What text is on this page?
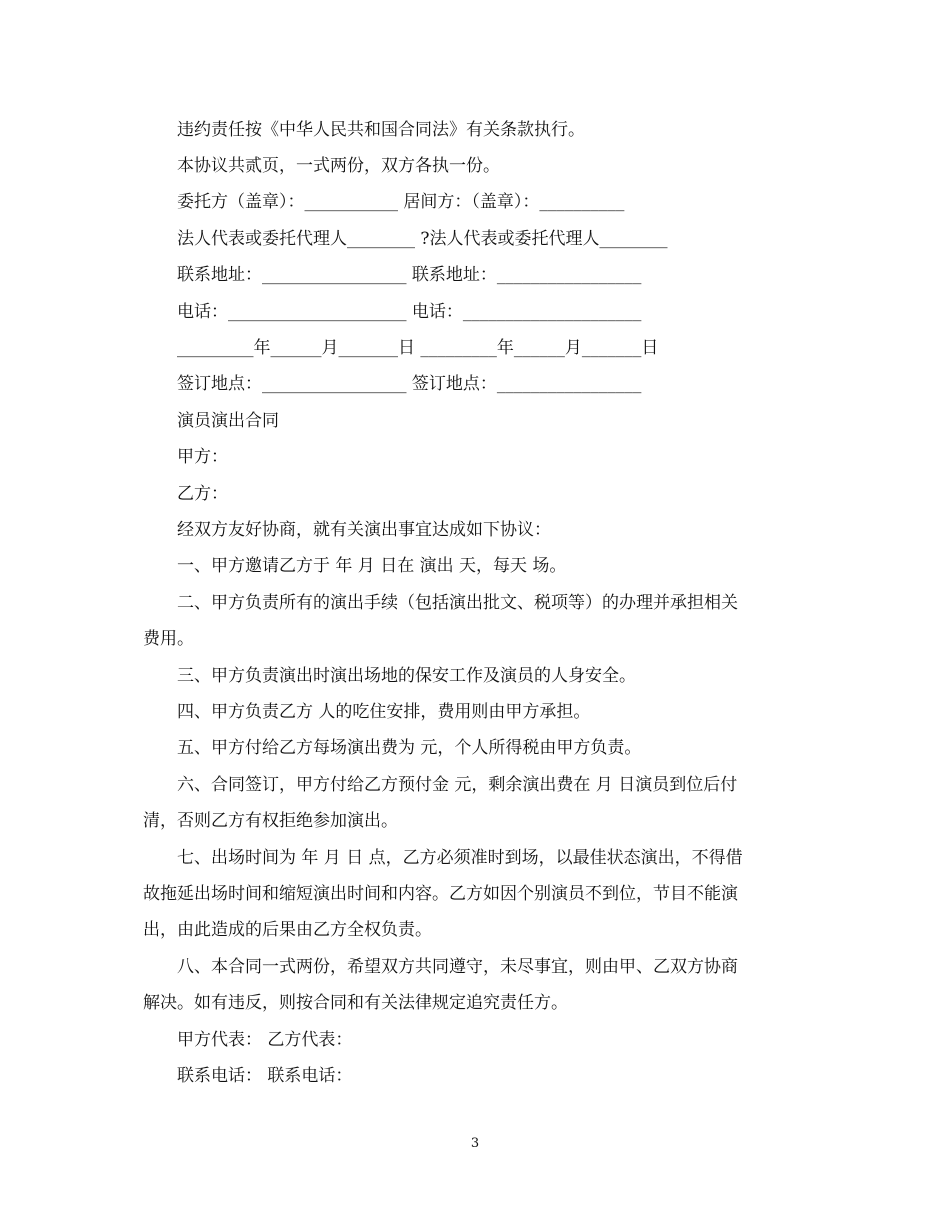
违约责任按《中华人民共和国合同法》有关条款执行。
本协议共贰页，一式两份，双方各执一份。
委托方（盖章）：___________ 居间方：（盖章）：__________
法人代表或委托代理人________ ?法人代表或委托代理人________
联系地址：_________________ 联系地址：_________________
电话：_____________________ 电话：_____________________
_________年______月_______日 _________年______月_______日
签订地点：_________________ 签订地点：_________________
演员演出合同
甲方：
乙方：
经双方友好协商，就有关演出事宜达成如下协议：
一、甲方邀请乙方于 年 月 日在 演出 天，每天 场。
二、甲方负责所有的演出手续（包括演出批文、税项等）的办理并承担相关
费用。
三、甲方负责演出时演出场地的保安工作及演员的人身安全。
四、甲方负责乙方 人的吃住安排，费用则由甲方承担。
五、甲方付给乙方每场演出费为 元，个人所得税由甲方负责。
六、合同签订，甲方付给乙方预付金 元，剩余演出费在 月 日演员到位后付
清，否则乙方有权拒绝参加演出。
七、出场时间为 年 月 日 点，乙方必须准时到场，以最佳状态演出，不得借
故拖延出场时间和缩短演出时间和内容。乙方如因个别演员不到位，节目不能演
出，由此造成的后果由乙方全权负责。
八、本合同一式两份，希望双方共同遵守，未尽事宜，则由甲、乙双方协商
解决。如有违反，则按合同和有关法律规定追究责任方。
甲方代表： 乙方代表：
联系电话： 联系电话：
3
